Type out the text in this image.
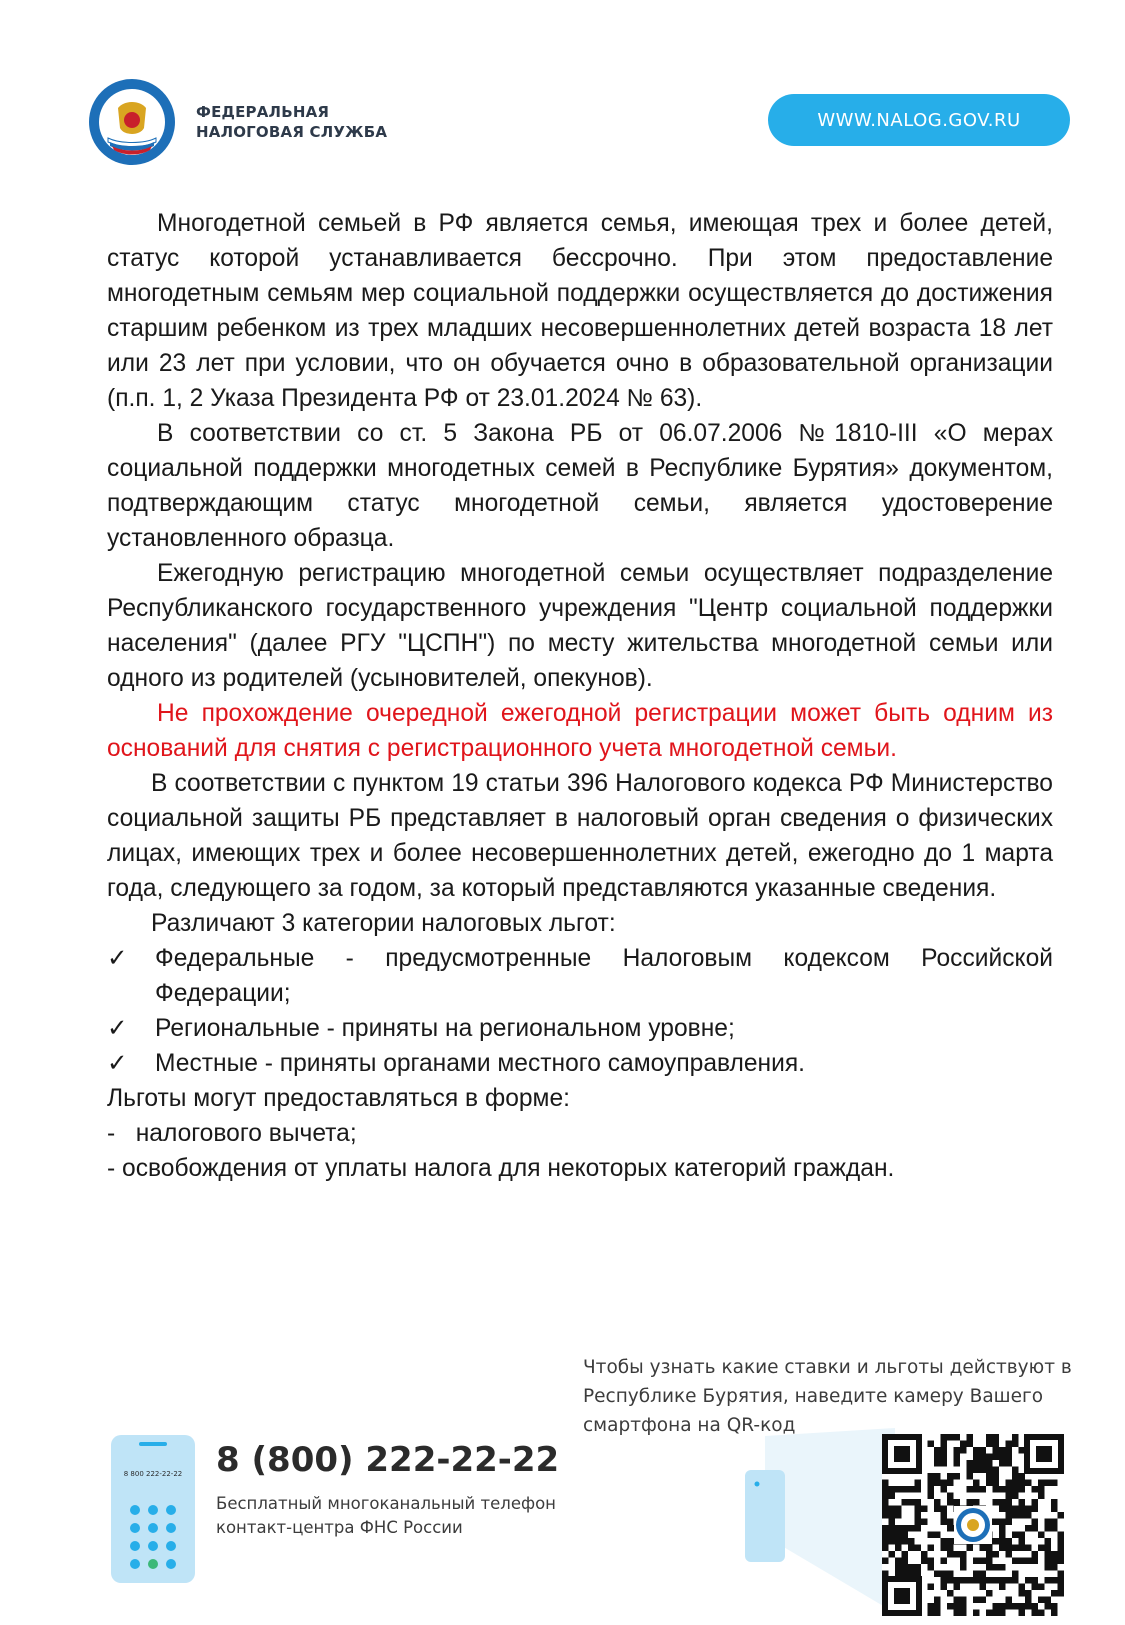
ФЕДЕРАЛЬНАЯ
НАЛОГОВАЯ СЛУЖБА
WWW.NALOG.GOV.RU

Многодетной семьей в РФ является семья, имеющая трех и более детей, статус которой устанавливается бессрочно. При этом предоставление многодетным семьям мер социальной поддержки осуществляется до достижения старшим ребенком из трех младших несовершеннолетних детей возраста 18 лет или 23 лет при условии, что он обучается очно в образовательной организации (п.п. 1, 2 Указа Президента РФ от 23.01.2024 № 63).

В соответствии со ст. 5 Закона РБ от 06.07.2006 №1810-III «О мерах социальной поддержки многодетных семей в Республике Бурятия» документом, подтверждающим статус многодетной семьи, является удостоверение установленного образца.

Ежегодную регистрацию многодетной семьи осуществляет подразделение Республиканского государственного учреждения "Центр социальной поддержки населения" (далее РГУ "ЦСПН") по месту жительства многодетной семьи или одного из родителей (усыновителей, опекунов).

Не прохождение очередной ежегодной регистрации может быть одним из оснований для снятия с регистрационного учета многодетной семьи.

В соответствии с пунктом 19 статьи 396 Налогового кодекса РФ Министерство социальной защиты РБ представляет в налоговый орган сведения о физических лицах, имеющих трех и более несовершеннолетних детей, ежегодно до 1 марта года, следующего за годом, за который представляются указанные сведения.

Различают 3 категории налоговых льгот:

✓ Федеральные - предусмотренные Налоговым кодексом Российской Федерации;

✓ Региональные - приняты на региональном уровне;

✓ Местные - приняты органами местного самоуправления.

Льготы могут предоставляться в форме:

-   налогового вычета;

- освобождения от уплаты налога для некоторых категорий граждан.

Чтобы узнать какие ставки и льготы действуют в Республике Бурятия, наведите камеру Вашего смартфона на QR-код
8 800 222-22-22 8 (800) 222-22-22
Бесплатный многоканальный телефон контакт-центра ФНС России
